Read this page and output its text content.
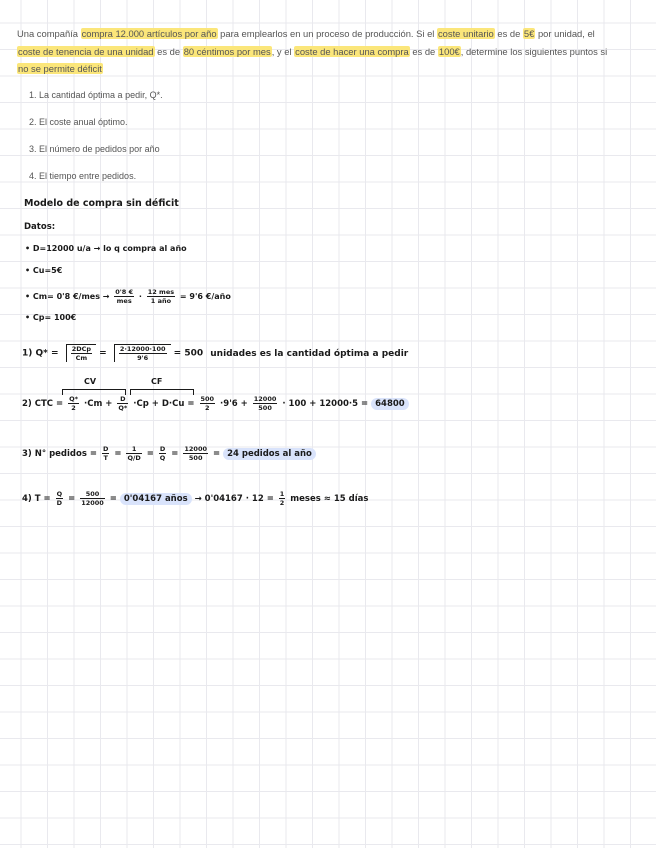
Una compañía compra 12.000 artículos por año para emplearlos en un proceso de producción. Si el coste unitario es de 5€ por unidad, el coste de tenencia de una unidad es de 80 céntimos por mes, y el coste de hacer una compra es de 100€, determine los siguientes puntos si no se permite déficit
1. La cantidad óptima a pedir, Q*.
2. El coste anual óptimo.
3. El número de pedidos por año
4. El tiempo entre pedidos.
Modelo de compra sin déficit
Datos:
• D=12000 u/a → lo q compra al año
• Cu=5€
• Cm= 0'8 €/mes → $\frac{0'8 €}{\text{mes}} \cdot \frac{\text{12 mes}}{\text{1 año}} = 9'6$ €/año
• Cp= 100€
1) $Q* = \frac{\text{2DCp}}{Cm} = \frac{2\cdot 12000\cdot 100}{9'6} = 500$ unidades es la cantidad óptima a pedir
CV	CF
2) CTC = $\frac{Q*}{2} \cdot Cm + \frac{D}{Q*} \cdot Cp + D\cdot Cu = \frac{500}{2} \cdot 9'6 + \frac{12000}{500} \cdot 100 + 12000\cdot 5 = 64800$
3) N° pedidos = $\frac{D}{T} = \frac{1}{Q/D} = \frac{D}{Q} = \frac{12000}{500} = 24$ pedidos al año
4) $T = \frac{Q}{D} = \frac{500}{12000} = 0'04167$ años → $0'04167 \cdot 12 = \frac{1}{2}$ meses ≈ 15 días
